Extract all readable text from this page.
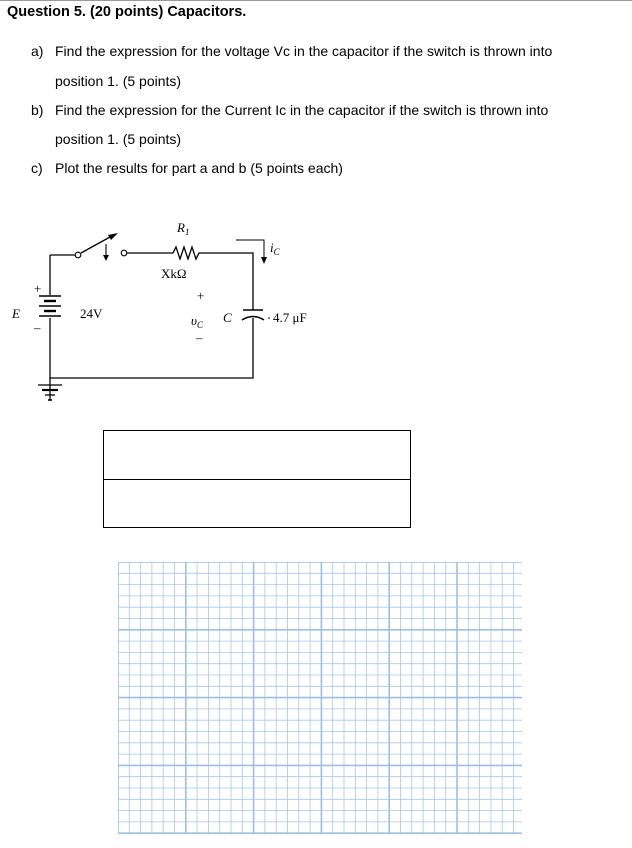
Question 5. (20 points) Capacitors.
a) Find the expression for the voltage Vc in the capacitor if the switch is thrown into
position 1. (5 points)
b) Find the expression for the Current Ic in the capacitor if the switch is thrown into
position 1. (5 points)
c) Plot the results for part a and b (5 points each)
$R_1$
XkΩ
E	24V
+
–
$i_C$
+
$\upsilon_C$
–
C	4.7 μF
